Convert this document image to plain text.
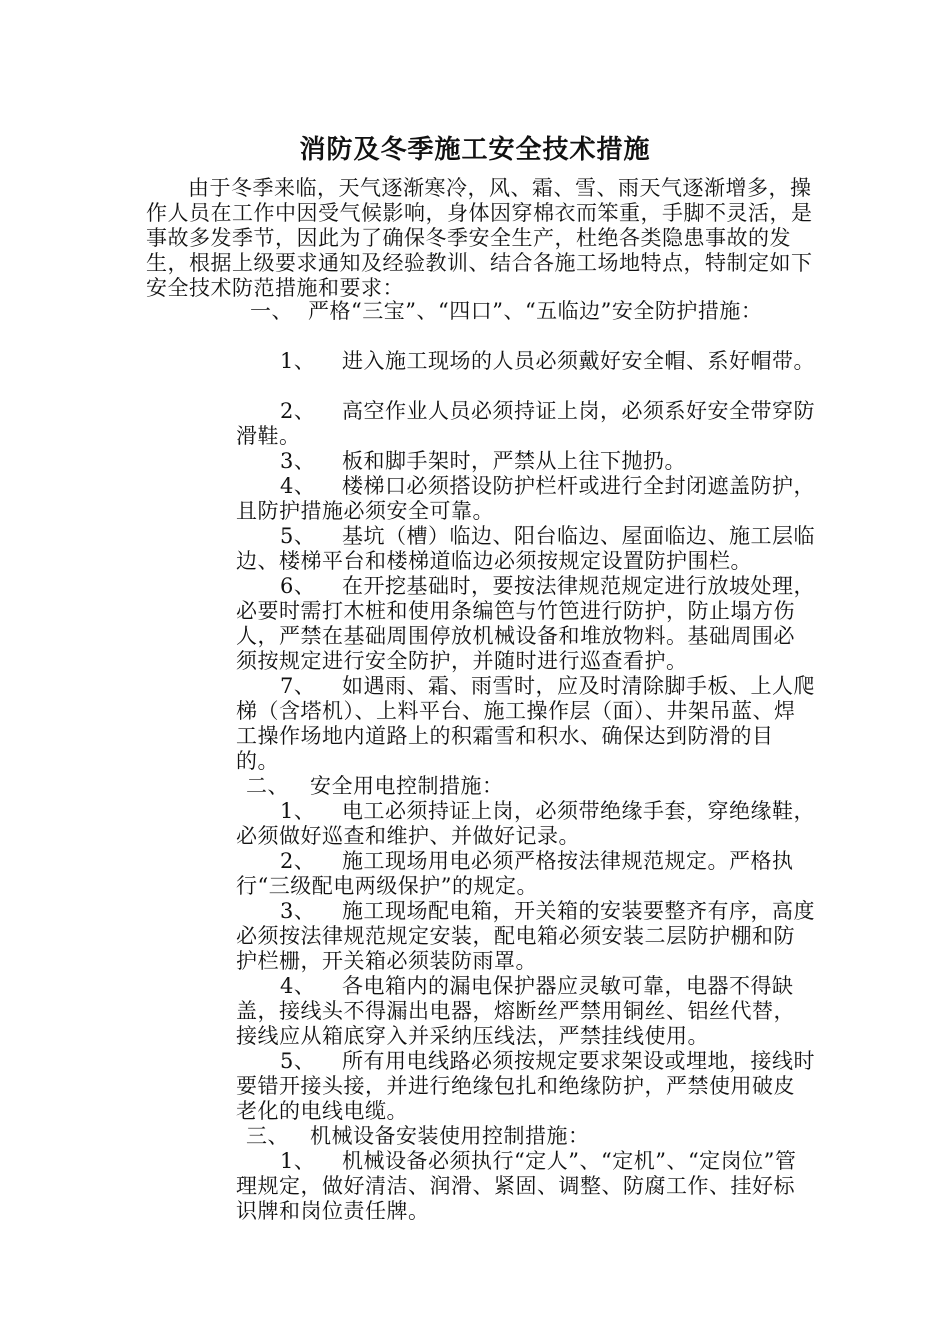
消防及冬季施工安全技术措施

由于冬季来临，天气逐渐寒冷，风、霜、雪、雨天气逐渐增多，操作人员在工作中因受气候影响，身体因穿棉衣而笨重，手脚不灵活，是事故多发季节，因此为了确保冬季安全生产，杜绝各类隐患事故的发生，根据上级要求通知及经验教训、结合各施工场地特点，特制定如下安全技术防范措施和要求：

一、 严格“三宝”、“四口”、“五临边”安全防护措施：

1、 进入施工现场的人员必须戴好安全帽、系好帽带。

2、 高空作业人员必须持证上岗，必须系好安全带穿防滑鞋。

3、 板和脚手架时，严禁从上往下抛扔。

4、 楼梯口必须搭设防护栏杆或进行全封闭遮盖防护，且防护措施必须安全可靠。

5、 基坑（槽）临边、阳台临边、屋面临边、施工层临边、楼梯平台和楼梯道临边必须按规定设置防护围栏。

6、 在开挖基础时，要按法律规范规定进行放坡处理，必要时需打木桩和使用条编笆与竹笆进行防护，防止塌方伤人，严禁在基础周围停放机械设备和堆放物料。基础周围必须按规定进行安全防护，并随时进行巡查看护。

7、 如遇雨、霜、雨雪时，应及时清除脚手板、上人爬梯（含塔机）、上料平台、施工操作层（面）、井架吊蓝、焊工操作场地内道路上的积霜雪和积水、确保达到防滑的目的。

二、 安全用电控制措施：

1、 电工必须持证上岗，必须带绝缘手套，穿绝缘鞋，必须做好巡查和维护、并做好记录。

2、 施工现场用电必须严格按法律规范规定。严格执行“三级配电两级保护”的规定。

3、 施工现场配电箱，开关箱的安装要整齐有序，高度必须按法律规范规定安装，配电箱必须安装二层防护棚和防护栏栅，开关箱必须装防雨罩。

4、 各电箱内的漏电保护器应灵敏可靠，电器不得缺盖，接线头不得漏出电器，熔断丝严禁用铜丝、铝丝代替，接线应从箱底穿入并采纳压线法，严禁挂线使用。

5、 所有用电线路必须按规定要求架设或埋地，接线时要错开接头接，并进行绝缘包扎和绝缘防护，严禁使用破皮老化的电线电缆。

三、 机械设备安装使用控制措施：

1、 机械设备必须执行“定人”、“定机”、“定岗位”管理规定，做好清洁、润滑、紧固、调整、防腐工作、挂好标识牌和岗位责任牌。
